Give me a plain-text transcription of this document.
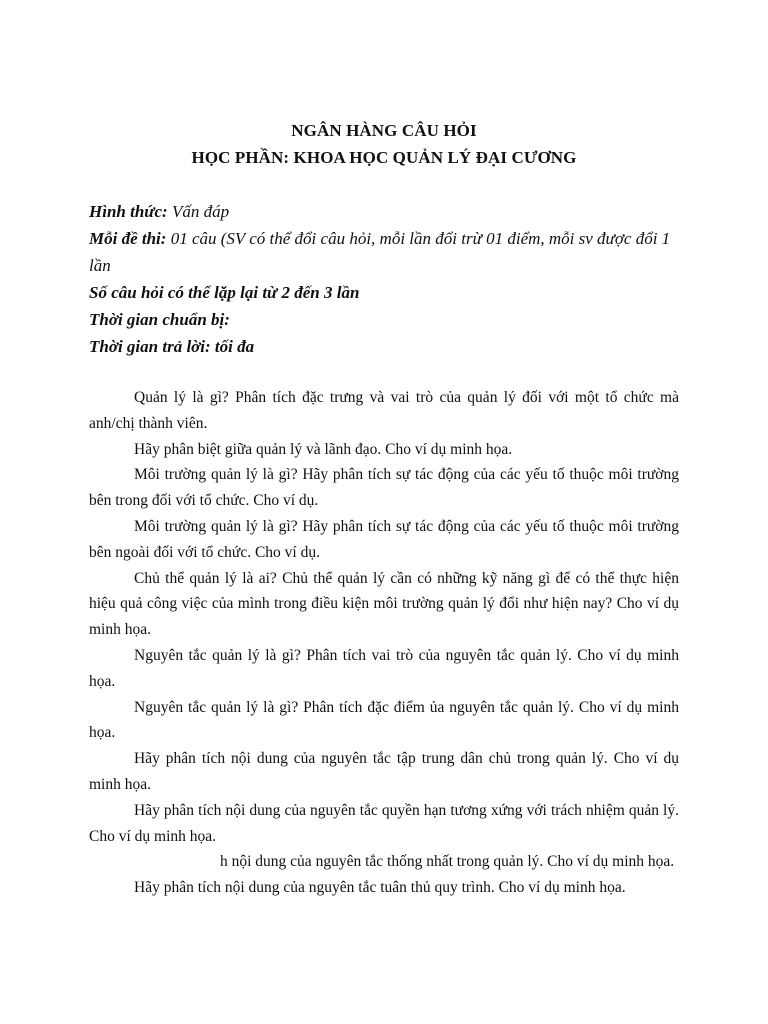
NGÂN HÀNG CÂU HỎI
HỌC PHẦN: KHOA HỌC QUẢN LÝ ĐẠI CƯƠNG
Hình thức: Vấn đáp
Mỗi đề thi: 01 câu (SV có thể đổi câu hỏi, mỗi lần đổi trừ 01 điểm, mỗi sv được đổi 1 lần
Số câu hỏi có thể lặp lại từ 2 đến 3 lần
Thời gian chuẩn bị:
Thời gian trả lời: tối đa

Quản lý là gì? Phân tích đặc trưng và vai trò của quản lý đối với một tổ chức mà anh/chị thành viên.

Hãy phân biệt giữa quản lý và lãnh đạo. Cho ví dụ minh họa.

Môi trường quản lý là gì? Hãy phân tích sự tác động của các yếu tố thuộc môi trường bên trong đối với tổ chức. Cho ví dụ.

Môi trường quản lý là gì? Hãy phân tích sự tác động của các yếu tố thuộc môi trường bên ngoài đối với tổ chức. Cho ví dụ.

Chủ thể quản lý là ai? Chủ thể quản lý cần có những kỹ năng gì để có thể thực hiện hiệu quả công việc của mình trong điều kiện môi trường quản lý đổi như hiện nay? Cho ví dụ minh họa.

Nguyên tắc quản lý là gì? Phân tích vai trò của nguyên tắc quản lý. Cho ví dụ minh họa.

Nguyên tắc quản lý là gì? Phân tích đặc điểm ủa nguyên tắc quản lý. Cho ví dụ minh họa.

Hãy phân tích nội dung của nguyên tắc tập trung dân chủ trong quản lý. Cho ví dụ minh họa.

Hãy phân tích nội dung của nguyên tắc quyền hạn tương xứng với trách nhiệm quản lý. Cho ví dụ minh họa.

h nội dung của nguyên tắc thống nhất trong quản lý. Cho ví dụ minh họa.

Hãy phân tích nội dung của nguyên tắc tuân thủ quy trình. Cho ví dụ minh họa.
